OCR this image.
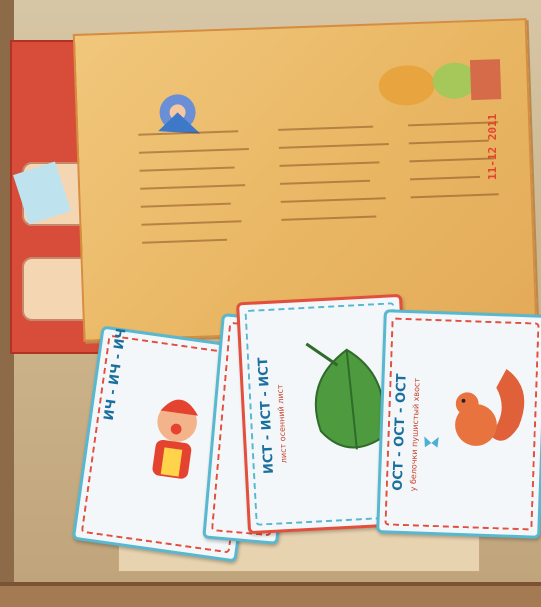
11-12 2011
ИЧ - ИЧ - ИЧ	ИСТ - ИСТ - ИСТ
лист осенний лист	ОСТ - ОСТ - ОСТ
у белочки пушистый хвост
